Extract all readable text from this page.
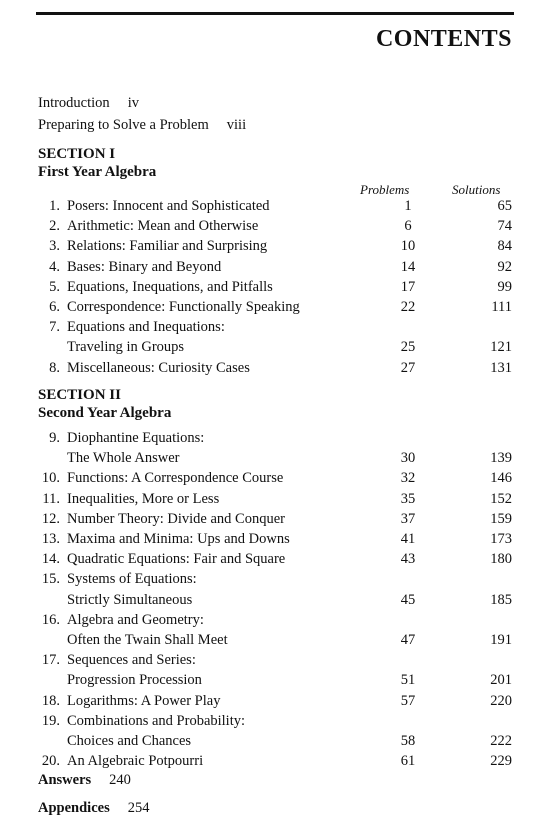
CONTENTS
Introduction iv
Preparing to Solve a Problem viii
SECTION I
First Year Algebra
Problems	Solutions
1. Posers: Innocent and Sophisticated	1	65
2. Arithmetic: Mean and Otherwise	6	74
3. Relations: Familiar and Surprising	10	84
4. Bases: Binary and Beyond	14	92
5. Equations, Inequations, and Pitfalls	17	99
6. Correspondence: Functionally Speaking	22	111
7. Equations and Inequations:
Traveling in Groups	25	121
8. Miscellaneous: Curiosity Cases	27	131
9. Diophantine Equations:
The Whole Answer	30	139
10. Functions: A Correspondence Course	32	146
11. Inequalities, More or Less	35	152
12. Number Theory: Divide and Conquer	37	159
13. Maxima and Minima: Ups and Downs	41	173
14. Quadratic Equations: Fair and Square	43	180
15. Systems of Equations:
Strictly Simultaneous	45	185
16. Algebra and Geometry:
Often the Twain Shall Meet	47	191
17. Sequences and Series:
Progression Procession	51	201
18. Logarithms: A Power Play	57	220
19. Combinations and Probability:
Choices and Chances	58	222
20. An Algebraic Potpourri	61	229
SECTION II
Second Year Algebra
Answers 240
Appendices 254
